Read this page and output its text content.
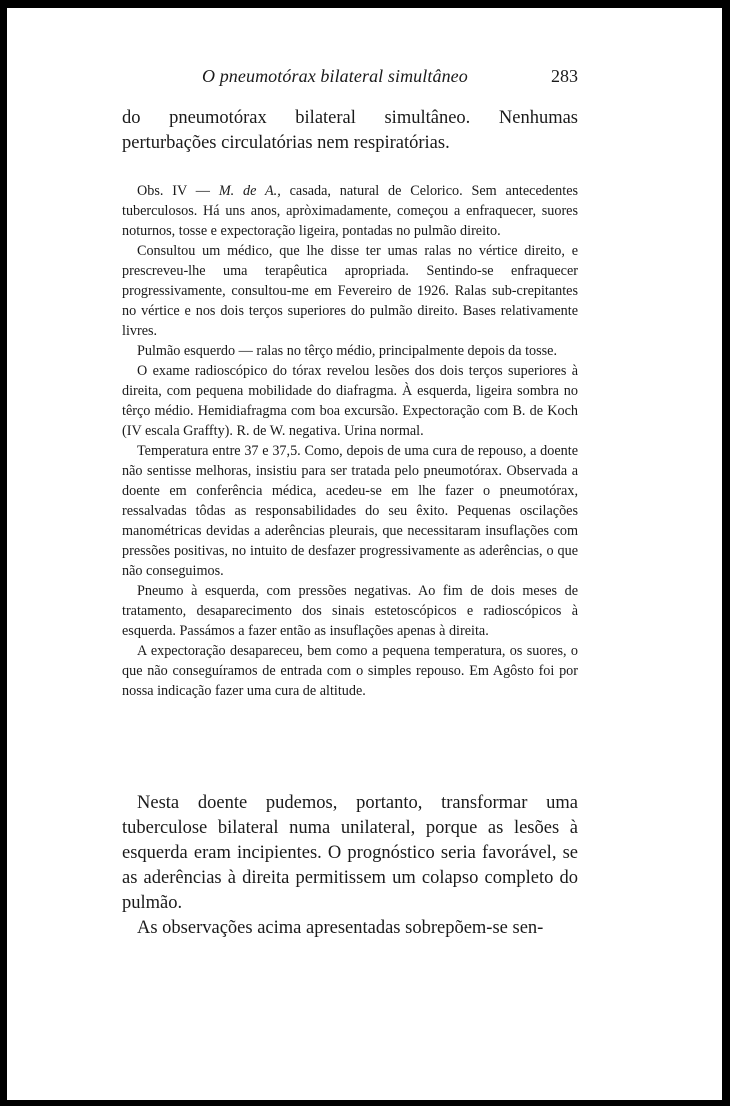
O pneumotórax bilateral simultâneo	283

do pneumotórax bilateral simultâneo. Nenhumas perturbações circulatórias nem respiratórias.

Obs. IV — M. de A., casada, natural de Celorico. Sem antecedentes tuberculosos. Há uns anos, apròximadamente, começou a enfraquecer, suores noturnos, tosse e expectoração ligeira, pontadas no pulmão direito.

Consultou um médico, que lhe disse ter umas ralas no vértice direito, e prescreveu-lhe uma terapêutica apropriada. Sentindo-se enfraquecer progressivamente, consultou-me em Fevereiro de 1926. Ralas sub-crepitantes no vértice e nos dois terços superiores do pulmão direito. Bases relativamente livres.

Pulmão esquerdo — ralas no têrço médio, principalmente depois da tosse.

O exame radioscópico do tórax revelou lesões dos dois terços superiores à direita, com pequena mobilidade do diafragma. À esquerda, ligeira sombra no têrço médio. Hemidiafragma com boa excursão. Expectoração com B. de Koch (IV escala Graffty). R. de W. negativa. Urina normal.

Temperatura entre 37 e 37,5. Como, depois de uma cura de repouso, a doente não sentisse melhoras, insistiu para ser tratada pelo pneumotórax. Observada a doente em conferência médica, acedeu-se em lhe fazer o pneumotórax, ressalvadas tôdas as responsabilidades do seu êxito. Pequenas oscilações manométricas devidas a aderências pleurais, que necessitaram insuflações com pressões positivas, no intuito de desfazer progressivamente as aderências, o que não conseguimos.

Pneumo à esquerda, com pressões negativas. Ao fim de dois meses de tratamento, desaparecimento dos sinais estetoscópicos e radioscópicos à esquerda. Passámos a fazer então as insuflações apenas à direita.

A expectoração desapareceu, bem como a pequena temperatura, os suores, o que não conseguíramos de entrada com o simples repouso. Em Agôsto foi por nossa indicação fazer uma cura de altitude.

Nesta doente pudemos, portanto, transformar uma tuberculose bilateral numa unilateral, porque as lesões à esquerda eram incipientes. O prognóstico seria favorável, se as aderências à direita permitissem um colapso completo do pulmão.

As observações acima apresentadas sobrepõem-se sen-
